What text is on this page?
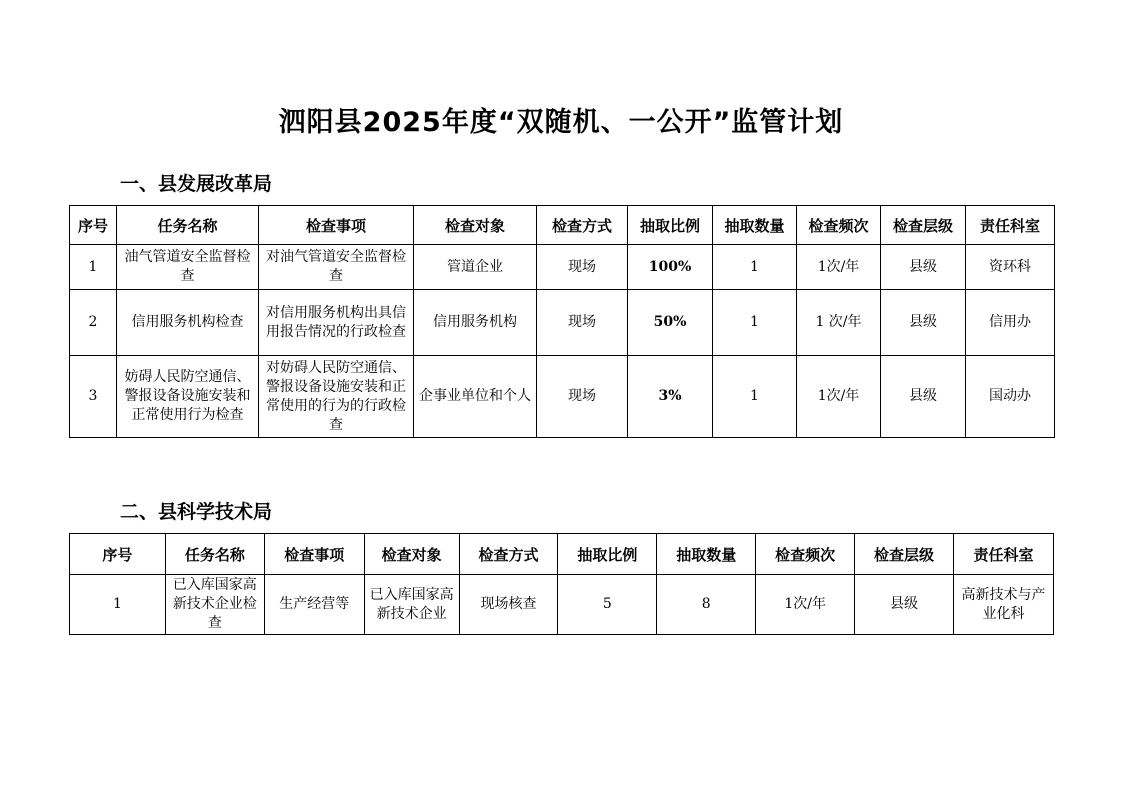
泗阳县2025年度“双随机、一公开”监管计划
一、县发展改革局
序号	任务名称	检查事项	检查对象	检查方式	抽取比例	抽取数量	检查频次	检查层级	责任科室
1	油气管道安全监督检查	对油气管道安全监督检查	管道企业	现场	100%	1	1次/年	县级	资环科
2	信用服务机构检查	对信用服务机构出具信用报告情况的行政检查	信用服务机构	现场	50%	1	1 次/年	县级	信用办
3	妨碍人民防空通信、警报设备设施安装和正常使用行为检查	对妨碍人民防空通信、警报设备设施安装和正常使用的行为的行政检查	企事业单位和个人	现场	3%	1	1次/年	县级	国动办
二、县科学技术局
序号	任务名称	检查事项	检查对象	检查方式	抽取比例	抽取数量	检查频次	检查层级	责任科室
1	已入库国家高新技术企业检查	生产经营等	已入库国家高新技术企业	现场核查	5	8	1次/年	县级	高新技术与产业化科
